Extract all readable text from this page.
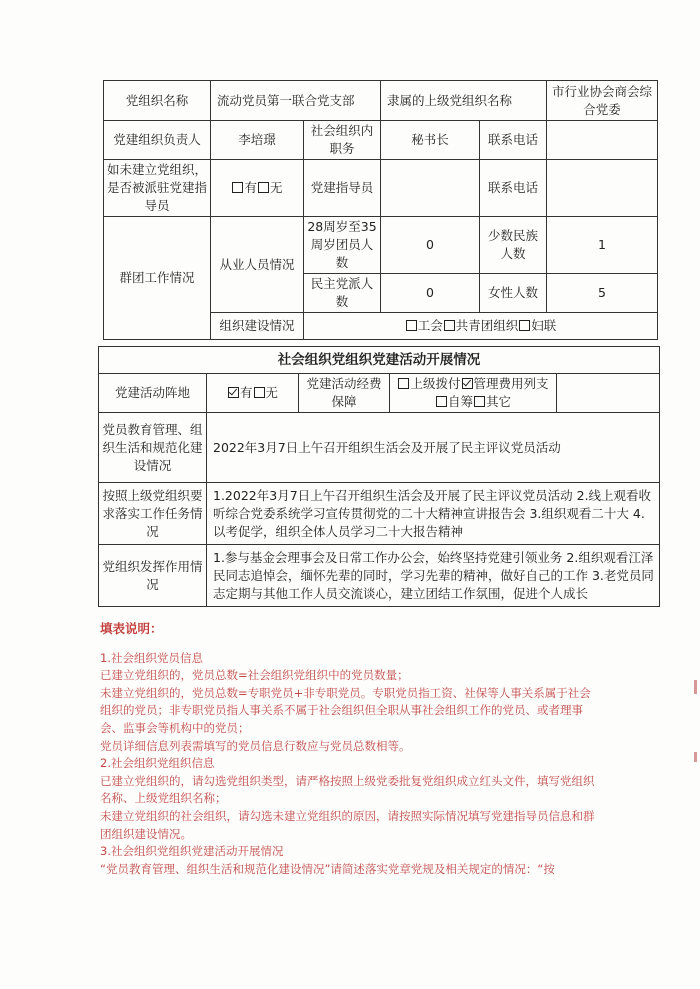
党组织名称	流动党员第一联合党支部		隶属的上级党组织名称		市行业协会商会综合党委
党建组织负责人	李培璟	社会组织内职务	秘书长	联系电话	
如未建立党组织，是否被派驻党建指导员	有 无	党建指导员		联系电话	
群团工作情况	从业人员情况	28周岁至35周岁团员人数	0	少数民族人数	1
		民主党派人数	0	女性人数	5
	组织建设情况	工会 共青团组织 妇联			
社会组织党组织党建活动开展情况				
党建活动阵地	有 无	党建活动经费保障	上级拨付 管理费用列支
自筹 其它	
党员教育管理、组织生活和规范化建设情况	2022年3月7日上午召开组织生活会及开展了民主评议党员活动			
按照上级党组织要求落实工作任务情况	1.2022年3月7日上午召开组织生活会及开展了民主评议党员活动 2.线上观看收听综合党委系统学习宣传贯彻党的二十大精神宣讲报告会 3.组织观看二十大 4.以考促学，组织全体人员学习二十大报告精神			
党组织发挥作用情况	1.参与基金会理事会及日常工作办公会，始终坚持党建引领业务 2.组织观看江泽民同志追悼会，缅怀先辈的同时，学习先辈的精神，做好自己的工作 3.老党员同志定期与其他工作人员交流谈心，建立团结工作氛围，促进个人成长			
填表说明：

1.社会组织党员信息

已建立党组织的，党员总数=社会组织党组织中的党员数量；

未建立党组织的，党员总数=专职党员+非专职党员。专职党员指工资、社保等人事关系属于社会组织的党员；非专职党员指人事关系不属于社会组织但全职从事社会组织工作的党员、或者理事会、监事会等机构中的党员；

党员详细信息列表需填写的党员信息行数应与党员总数相等。

2.社会组织党组织信息

已建立党组织的，请勾选党组织类型，请严格按照上级党委批复党组织成立红头文件，填写党组织名称、上级党组织名称；

未建立党组织的社会组织，请勾选未建立党组织的原因，请按照实际情况填写党建指导员信息和群团组织建设情况。

3.社会组织党组织党建活动开展情况

“党员教育管理、组织生活和规范化建设情况”请简述落实党章党规及相关规定的情况：“按
